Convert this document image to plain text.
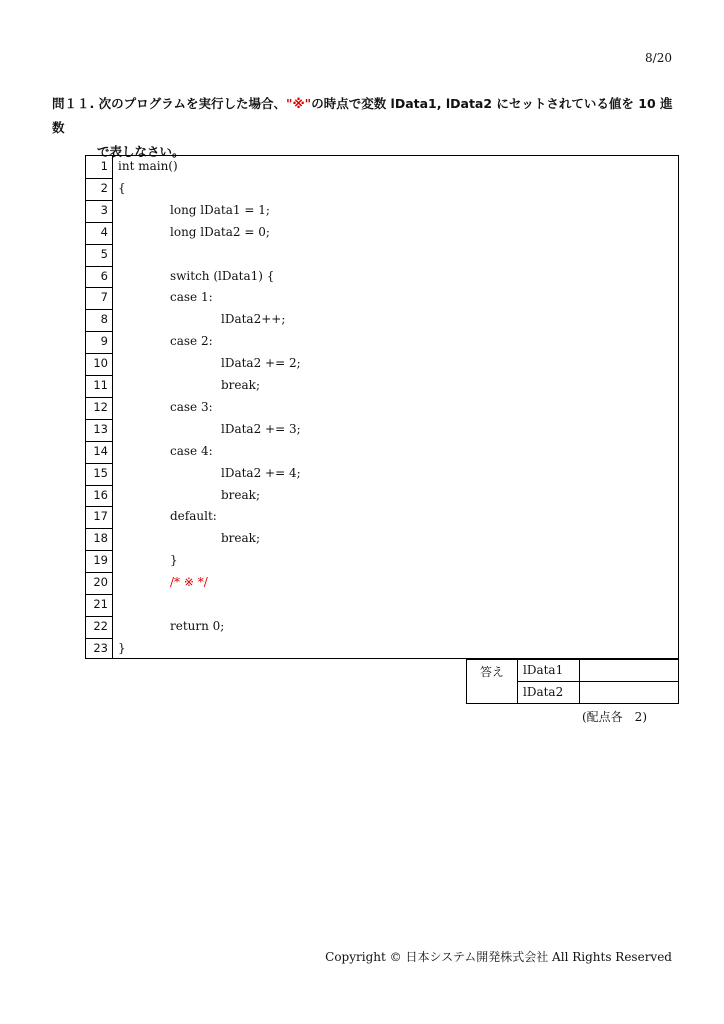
8/20
問１１. 次のプログラムを実行した場合、"※"の時点で変数 lData1, lData2 にセットされている値を 10 進数
で表しなさい。
1 int main()
2 {
3	long lData1 = 1;
4	long lData2 = 0;
5
6	switch (lData1) {
7	case 1:
8	lData2++;
9	case 2:
10	lData2 += 2;
11	break;
12	case 3:
13	lData2 += 3;
14	case 4:
15	lData2 += 4;
16	break;
17	default:
18	break;
19	}
20	/* ※ */
21
22	return 0;
23 }
答え	lData1
lData2
(配点各　2)
Copyright © 日本システム開発株式会社 All Rights Reserved
